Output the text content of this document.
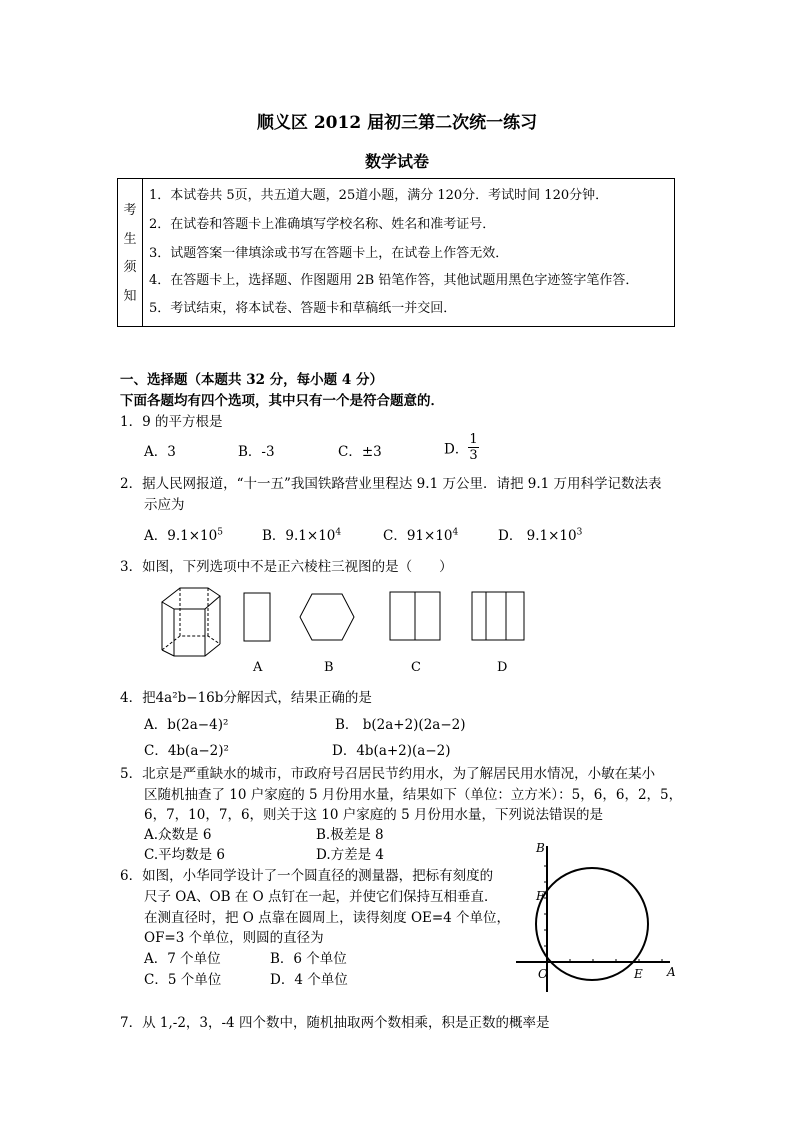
顺义区 2012 届初三第二次统一练习
数学试卷
考
生
须
知

1．本试卷共 5页，共五道大题，25道小题，满分 120分．考试时间 120分钟．
2．在试卷和答题卡上准确填写学校名称、姓名和准考证号．
3．试题答案一律填涂或书写在答题卡上，在试卷上作答无效．
4．在答题卡上，选择题、作图题用 2B 铅笔作答，其他试题用黑色字迹签字笔作答．
5．考试结束，将本试卷、答题卡和草稿纸一并交回．
一、选择题（本题共 32 分，每小题 4 分）
下面各题均有四个选项，其中只有一个是符合题意的．
1．9 的平方根是
A．3	B．-3	C．±3	D． $\frac{1}{3}$
2．据人民网报道，“十一五”我国铁路营业里程达 9.1 万公里．请把 9.1 万用科学记数法表
示应为
A．$9.1\times 10^5$	B．$9.1\times 10^4$	C．$91\times 10^4$	D． $9.1\times 10^3$
3．如图，下列选项中不是正六棱柱三视图的是（　　）
A	B	C	D
4．把4a²b−16b分解因式，结果正确的是
A．b(2a−4)²	B． b(2a+2)(2a−2)
C．4b(a−2)²	D．4b(a+2)(a−2)
5．北京是严重缺水的城市，市政府号召居民节约用水，为了解居民用水情况，小敏在某小
区随机抽查了 10 户家庭的 5 月份用水量，结果如下（单位：立方米）：5，6，6，2，5，
6，7，10，7，6，则关于这 10 户家庭的 5 月份用水量，下列说法错误的是
A.众数是 6	B.极差是 8
C.平均数是 6	D.方差是 4
6．如图，小华同学设计了一个圆直径的测量器，把标有刻度的
尺子 OA、OB 在 O 点钉在一起，并使它们保持互相垂直．
在测直径时，把 O 点靠在圆周上，读得刻度 OE=4 个单位，
OF=3 个单位，则圆的直径为
A．7 个单位	B．6 个单位
C．5 个单位	D．4 个单位
B
F
O	E A
7．从 1,-2，3，-4 四个数中，随机抽取两个数相乘，积是正数的概率是
